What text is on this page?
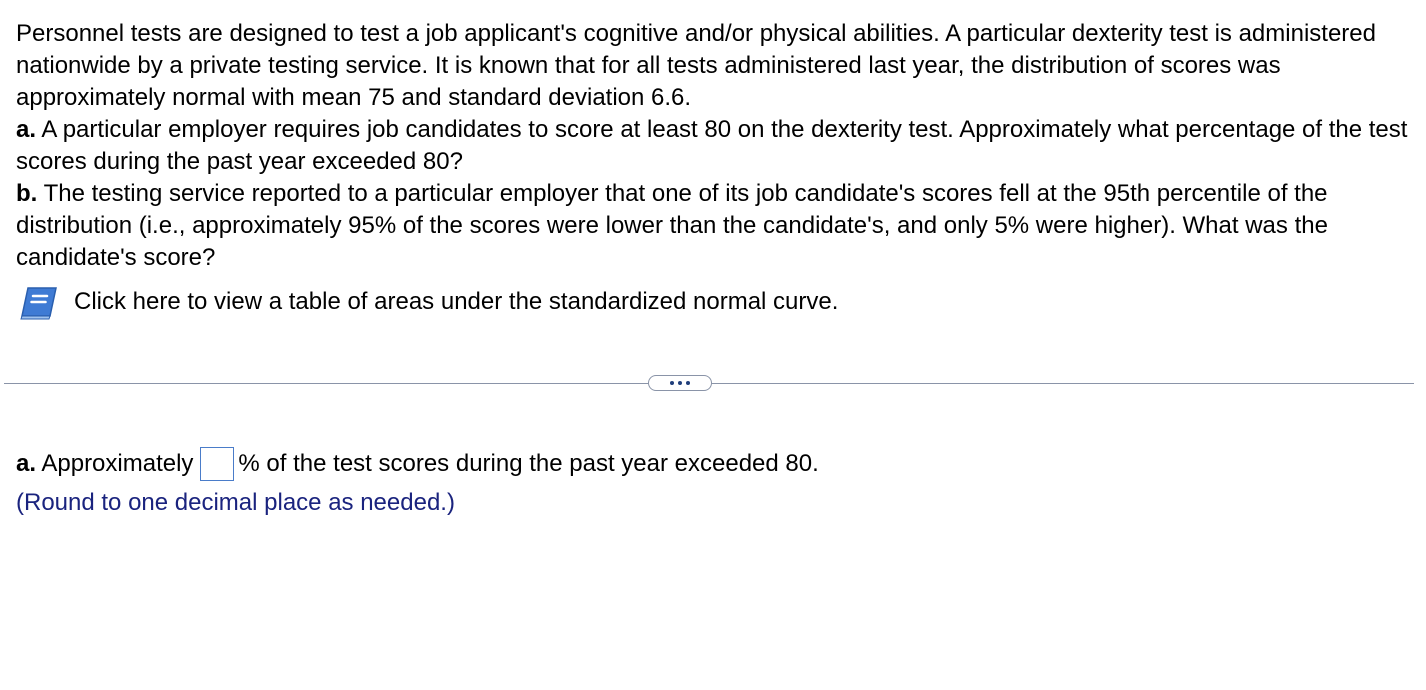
Personnel tests are designed to test a job applicant's cognitive and/or physical abilities. A particular dexterity test is administered nationwide by a private testing service. It is known that for all tests administered last year, the distribution of scores was approximately normal with mean 75 and standard deviation 6.6.

a. A particular employer requires job candidates to score at least 80 on the dexterity test. Approximately what percentage of the test scores during the past year exceeded 80?

b. The testing service reported to a particular employer that one of its job candidate's scores fell at the 95th percentile of the distribution (i.e., approximately 95% of the scores were lower than the candidate's, and only 5% were higher). What was the candidate's score?

Click here to view a table of areas under the standardized normal curve.
a. Approximately % of the test scores during the past year exceeded 80.
(Round to one decimal place as needed.)
